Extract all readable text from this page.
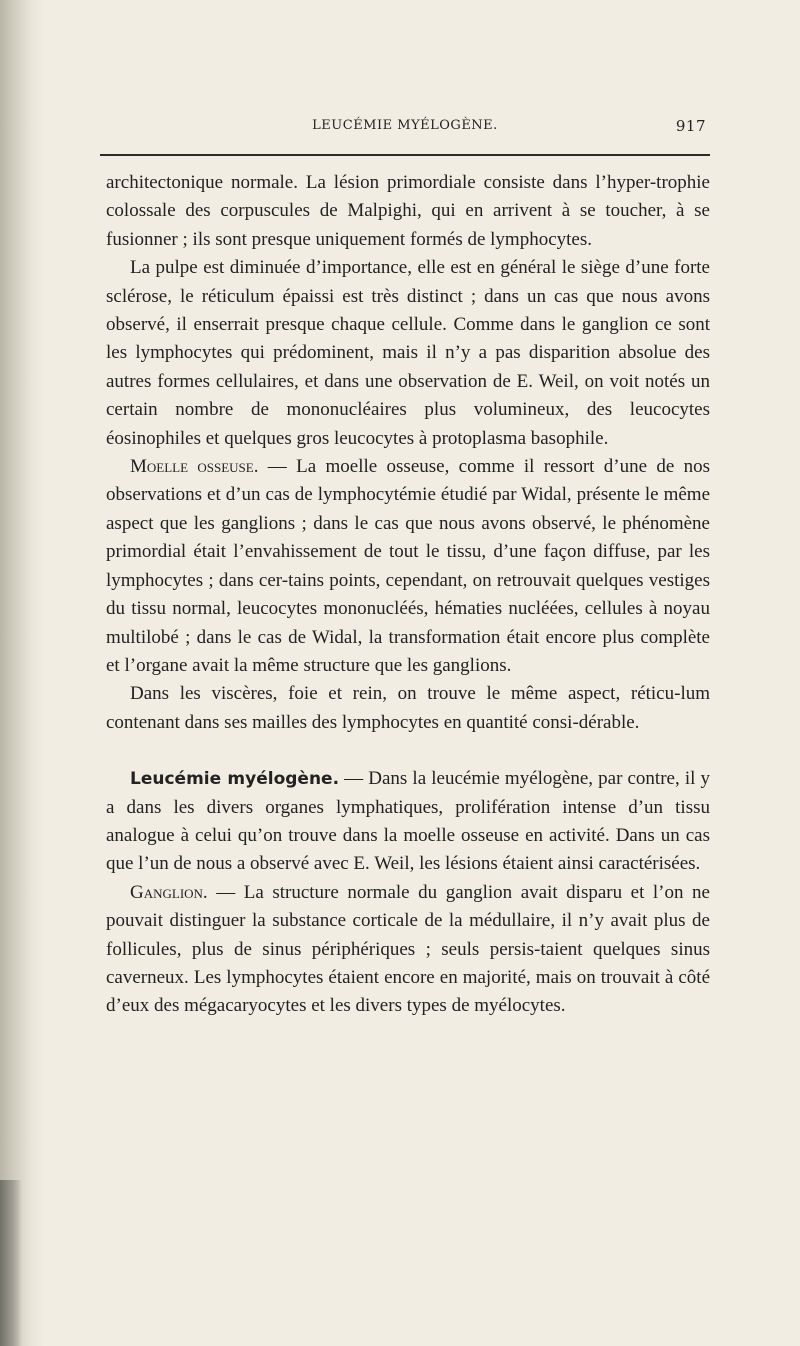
LEUCÉMIE MYÉLOGÈNE.	917

architectonique normale. La lésion primordiale consiste dans l’hyper-trophie colossale des corpuscules de Malpighi, qui en arrivent à se toucher, à se fusionner ; ils sont presque uniquement formés de lymphocytes.

La pulpe est diminuée d’importance, elle est en général le siège d’une forte sclérose, le réticulum épaissi est très distinct ; dans un cas que nous avons observé, il enserrait presque chaque cellule. Comme dans le ganglion ce sont les lymphocytes qui prédominent, mais il n’y a pas disparition absolue des autres formes cellulaires, et dans une observation de E. Weil, on voit notés un certain nombre de mononucléaires plus volumineux, des leucocytes éosinophiles et quelques gros leucocytes à protoplasma basophile.

Moelle osseuse. — La moelle osseuse, comme il ressort d’une de nos observations et d’un cas de lymphocytémie étudié par Widal, présente le même aspect que les ganglions ; dans le cas que nous avons observé, le phénomène primordial était l’envahissement de tout le tissu, d’une façon diffuse, par les lymphocytes ; dans cer-tains points, cependant, on retrouvait quelques vestiges du tissu normal, leucocytes mononucléés, hématies nucléées, cellules à noyau multilobé ; dans le cas de Widal, la transformation était encore plus complète et l’organe avait la même structure que les ganglions.

Dans les viscères, foie et rein, on trouve le même aspect, réticu-lum contenant dans ses mailles des lymphocytes en quantité consi-dérable.

Leucémie myélogène. — Dans la leucémie myélogène, par contre, il y a dans les divers organes lymphatiques, prolifération intense d’un tissu analogue à celui qu’on trouve dans la moelle osseuse en activité. Dans un cas que l’un de nous a observé avec E. Weil, les lésions étaient ainsi caractérisées.

Ganglion. — La structure normale du ganglion avait disparu et l’on ne pouvait distinguer la substance corticale de la médullaire, il n’y avait plus de follicules, plus de sinus périphériques ; seuls persis-taient quelques sinus caverneux. Les lymphocytes étaient encore en majorité, mais on trouvait à côté d’eux des mégacaryocytes et les divers types de myélocytes.
